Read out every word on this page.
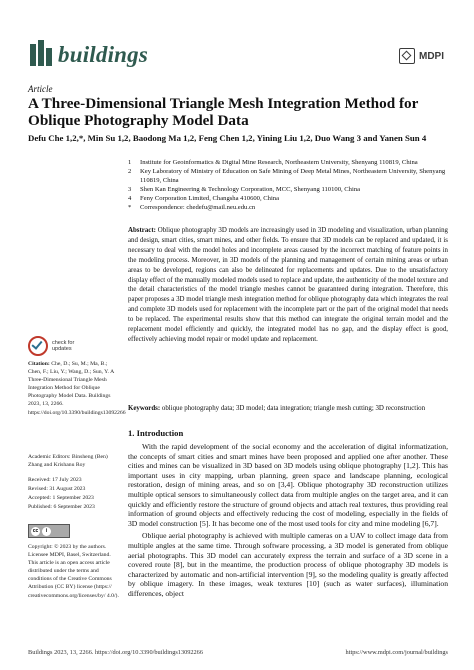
buildings	MDPI
Article
A Three-Dimensional Triangle Mesh Integration Method for Oblique Photography Model Data
Defu Che 1,2,*, Min Su 1,2, Baodong Ma 1,2, Feng Chen 1,2, Yining Liu 1,2, Duo Wang 3 and Yanen Sun 4
1	Institute for Geoinformatics & Digital Mine Research, Northeastern University, Shenyang 110819, China
2	Key Laboratory of Ministry of Education on Safe Mining of Deep Metal Mines, Northeastern University, Shenyang 110819, China
3	Shen Kan Engineering & Technology Corporation, MCC, Shenyang 110100, China
4	Feny Corporation Limited, Changsha 410600, China
*	Correspondence: chedefu@mail.neu.edu.cn
Abstract: Oblique photography 3D models are increasingly used in 3D modeling and visualization, urban planning and design, smart cities, smart mines, and other fields. To ensure that 3D models can be replaced and updated, it is necessary to deal with the model holes and incomplete areas caused by the incorrect matching of feature points in the modeling process. Moreover, in 3D models of the planning and management of certain mining areas or urban areas to be developed, regions can also be delineated for replacements and updates. Due to the unsatisfactory display effect of the manually modeled models used to replace and update, the authenticity of the model texture and the detail characteristics of the model triangle meshes cannot be guaranteed during integration. Therefore, this paper proposes a 3D model triangle mesh integration method for oblique photography data which integrates the real and complete 3D models used for replacement with the incomplete part or the part of the original model that needs to be replaced. The experimental results show that this method can integrate the original terrain model and the replacement model efficiently and quickly, the integrated model has no gap, and the display effect is good, effectively achieving model repair or model update and replacement.
Keywords: oblique photography data; 3D model; data integration; triangle mesh cutting; 3D reconstruction
check for
updates
Citation: Che, D.; Su, M.; Ma, B.; Chen, F.; Liu, Y.; Wang, D.; Sun, Y. A Three-Dimensional Triangle Mesh Integration Method for Oblique Photography Model Data. Buildings 2023, 13, 2266. https://doi.org/10.3390/buildings13092266
Academic Editors: Binsheng (Ben) Zhang and Krishanu Roy
Received: 17 July 2023
Revised: 31 August 2023
Accepted: 1 September 2023
Published: 6 September 2023
cc	i
Copyright: © 2023 by the authors. Licensee MDPI, Basel, Switzerland. This article is an open access article distributed under the terms and conditions of the Creative Commons Attribution (CC BY) license (https:// creativecommons.org/licenses/by/ 4.0/).
1. Introduction

With the rapid development of the social economy and the acceleration of digital informatization, the concepts of smart cities and smart mines have been proposed and applied one after another. These cities and mines can be visualized in 3D based on 3D models using oblique photography [1,2]. This has important uses in city mapping, urban planning, green space and landscape planning, ecological restoration, design of mining areas, and so on [3,4]. Oblique photography 3D reconstruction utilizes multiple optical sensors to simultaneously collect data from multiple angles on the target area, and it can quickly and efficiently restore the structure of ground objects and attach real textures, thus providing real information of ground objects and effectively reducing the cost of modeling, especially in the fields of 3D model construction [5]. It has become one of the most used tools for city and mine modeling [6,7].

Oblique aerial photography is achieved with multiple cameras on a UAV to collect image data from multiple angles at the same time. Through software processing, a 3D model is generated from oblique aerial photographs. This 3D model can accurately express the terrain and surface of a 3D scene in a covered route [8], but in the meantime, the production process of oblique photography 3D models is characterized by automatic and non-artificial intervention [9], so the modeling quality is greatly affected by oblique imagery. In these images, weak textures [10] (such as water surfaces), illumination differences, object

Buildings 2023, 13, 2266. https://doi.org/10.3390/buildings13092266	https://www.mdpi.com/journal/buildings
